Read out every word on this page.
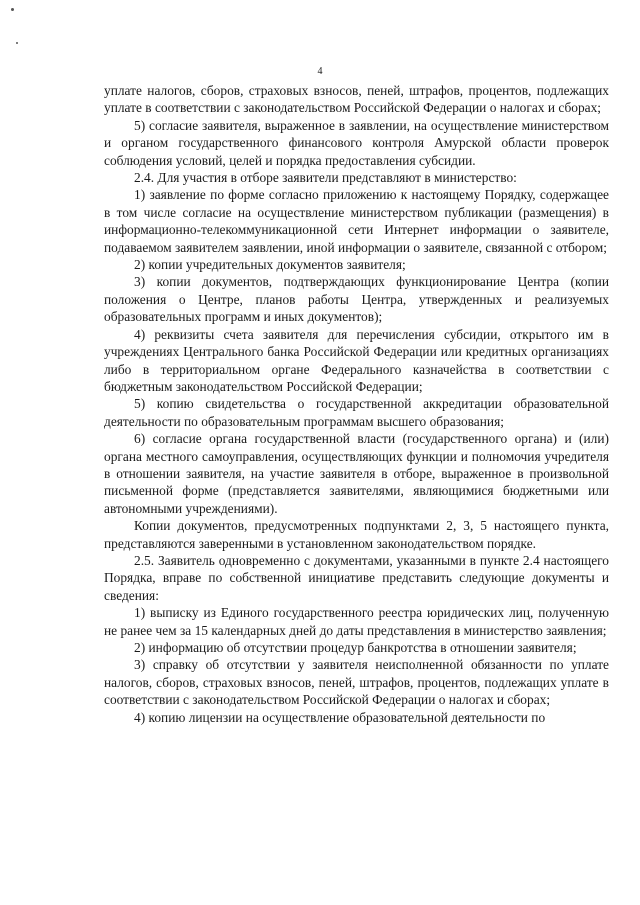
4

уплате налогов, сборов, страховых взносов, пеней, штрафов, процентов, подлежащих уплате в соответствии с законодательством Российской Федерации о налогах и сборах;

5) согласие заявителя, выраженное в заявлении, на осуществление министерством и органом государственного финансового контроля Амурской области проверок соблюдения условий, целей и порядка предоставления субсидии.

2.4. Для участия в отборе заявители представляют в министерство:

1) заявление по форме согласно приложению к настоящему Порядку, содержащее в том числе согласие на осуществление министерством публикации (размещения) в информационно-телекоммуникационной сети Интернет информации о заявителе, подаваемом заявителем заявлении, иной информации о заявителе, связанной с отбором;

2) копии учредительных документов заявителя;

3) копии документов, подтверждающих функционирование Центра (копии положения о Центре, планов работы Центра, утвержденных и реализуемых образовательных программ и иных документов);

4) реквизиты счета заявителя для перечисления субсидии, открытого им в учреждениях Центрального банка Российской Федерации или кредитных организациях либо в территориальном органе Федерального казначейства в соответствии с бюджетным законодательством Российской Федерации;

5) копию свидетельства о государственной аккредитации образовательной деятельности по образовательным программам высшего образования;

6) согласие органа государственной власти (государственного органа) и (или) органа местного самоуправления, осуществляющих функции и полномочия учредителя в отношении заявителя, на участие заявителя в отборе, выраженное в произвольной письменной форме (представляется заявителями, являющимися бюджетными или автономными учреждениями).

Копии документов, предусмотренных подпунктами 2, 3, 5 настоящего пункта, представляются заверенными в установленном законодательством порядке.

2.5. Заявитель одновременно с документами, указанными в пункте 2.4 настоящего Порядка, вправе по собственной инициативе представить следующие документы и сведения:

1) выписку из Единого государственного реестра юридических лиц, полученную не ранее чем за 15 календарных дней до даты представления в министерство заявления;

2) информацию об отсутствии процедур банкротства в отношении заявителя;

3) справку об отсутствии у заявителя неисполненной обязанности по уплате налогов, сборов, страховых взносов, пеней, штрафов, процентов, подлежащих уплате в соответствии с законодательством Российской Федерации о налогах и сборах;

4) копию лицензии на осуществление образовательной деятельности по
